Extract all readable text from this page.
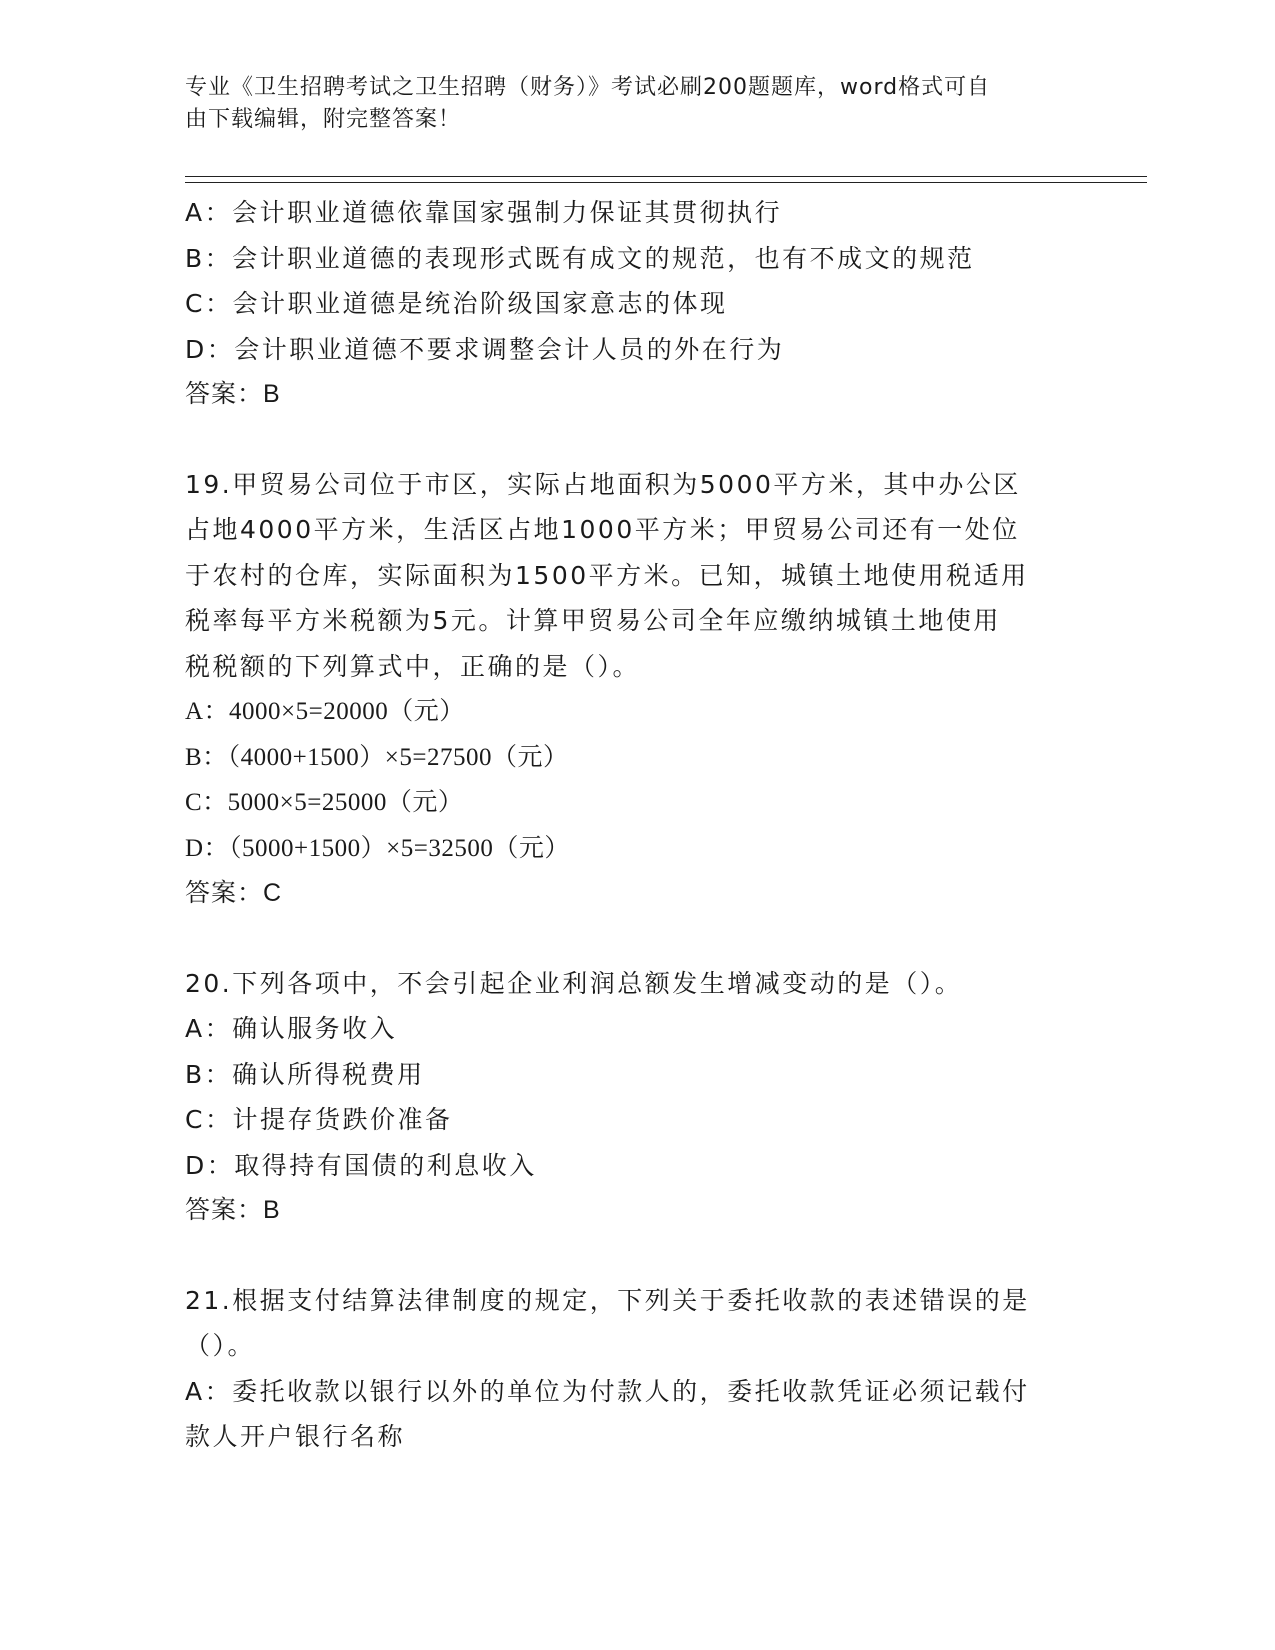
专业《卫生招聘考试之卫生招聘（财务）》考试必刷200题题库，word格式可自
由下载编辑，附完整答案！
A：会计职业道德依靠国家强制力保证其贯彻执行
B：会计职业道德的表现形式既有成文的规范，也有不成文的规范
C：会计职业道德是统治阶级国家意志的体现
D：会计职业道德不要求调整会计人员的外在行为
答案：B
19.甲贸易公司位于市区，实际占地面积为5000平方米，其中办公区
占地4000平方米，生活区占地1000平方米；甲贸易公司还有一处位
于农村的仓库，实际面积为1500平方米。已知，城镇土地使用税适用
税率每平方米税额为5元。计算甲贸易公司全年应缴纳城镇土地使用
税税额的下列算式中，正确的是（）。
A：4000×5=20000（元）
B：（4000+1500）×5=27500（元）
C：5000×5=25000（元）
D：（5000+1500）×5=32500（元）
答案：C
20.下列各项中，不会引起企业利润总额发生增减变动的是（）。
A：确认服务收入
B：确认所得税费用
C：计提存货跌价准备
D：取得持有国债的利息收入
答案：B
21.根据支付结算法律制度的规定，下列关于委托收款的表述错误的是
（）。
A：委托收款以银行以外的单位为付款人的，委托收款凭证必须记载付
款人开户银行名称
